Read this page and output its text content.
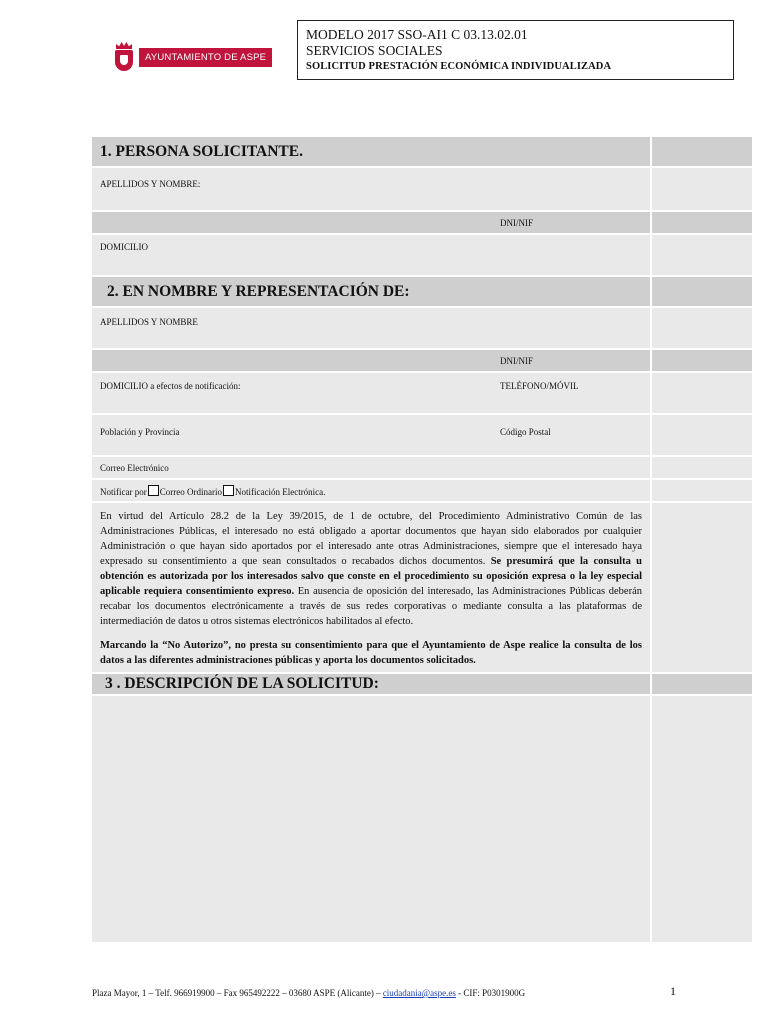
AYUNTAMIENTO DE ASPE
MODELO 2017 SSO-AI1 C 03.13.02.01
SERVICIOS SOCIALES
SOLICITUD PRESTACIÓN ECONÓMICA INDIVIDUALIZADA
1. PERSONA SOLICITANTE.
APELLIDOS Y NOMBRE:
DNI/NIF
DOMICILIO
2. EN NOMBRE Y REPRESENTACIÓN DE:
APELLIDOS Y NOMBRE
DNI/NIF
DOMICILIO a efectos de notificación:	TELÉFONO/MÓVIL
Población y Provincia	Código Postal
Correo Electrónico
Notificar por Correo Ordinario Notificación Electrónica.

En virtud del Artículo 28.2 de la Ley 39/2015, de 1 de octubre, del Procedimiento Administrativo Común de las Administraciones Públicas, el interesado no está obligado a aportar documentos que hayan sido elaborados por cualquier Administración o que hayan sido aportados por el interesado ante otras Administraciones, siempre que el interesado haya expresado su consentimiento a que sean consultados o recabados dichos documentos. Se presumirá que la consulta u obtención es autorizada por los interesados salvo que conste en el procedimiento su oposición expresa o la ley especial aplicable requiera consentimiento expreso. En ausencia de oposición del interesado, las Administraciones Públicas deberán recabar los documentos electrónicamente a través de sus redes corporativas o mediante consulta a las plataformas de intermediación de datos u otros sistemas electrónicos habilitados al efecto.

Marcando la “No Autorizo”, no presta su consentimiento para que el Ayuntamiento de Aspe realice la consulta de los datos a las diferentes administraciones públicas y aporta los documentos solicitados.

3 . DESCRIPCIÓN DE LA SOLICITUD:
Plaza Mayor, 1 – Telf. 966919900 – Fax 965492222 – 03680 ASPE (Alicante) – ciudadania@aspe.es - CIF: P0301900G	1
